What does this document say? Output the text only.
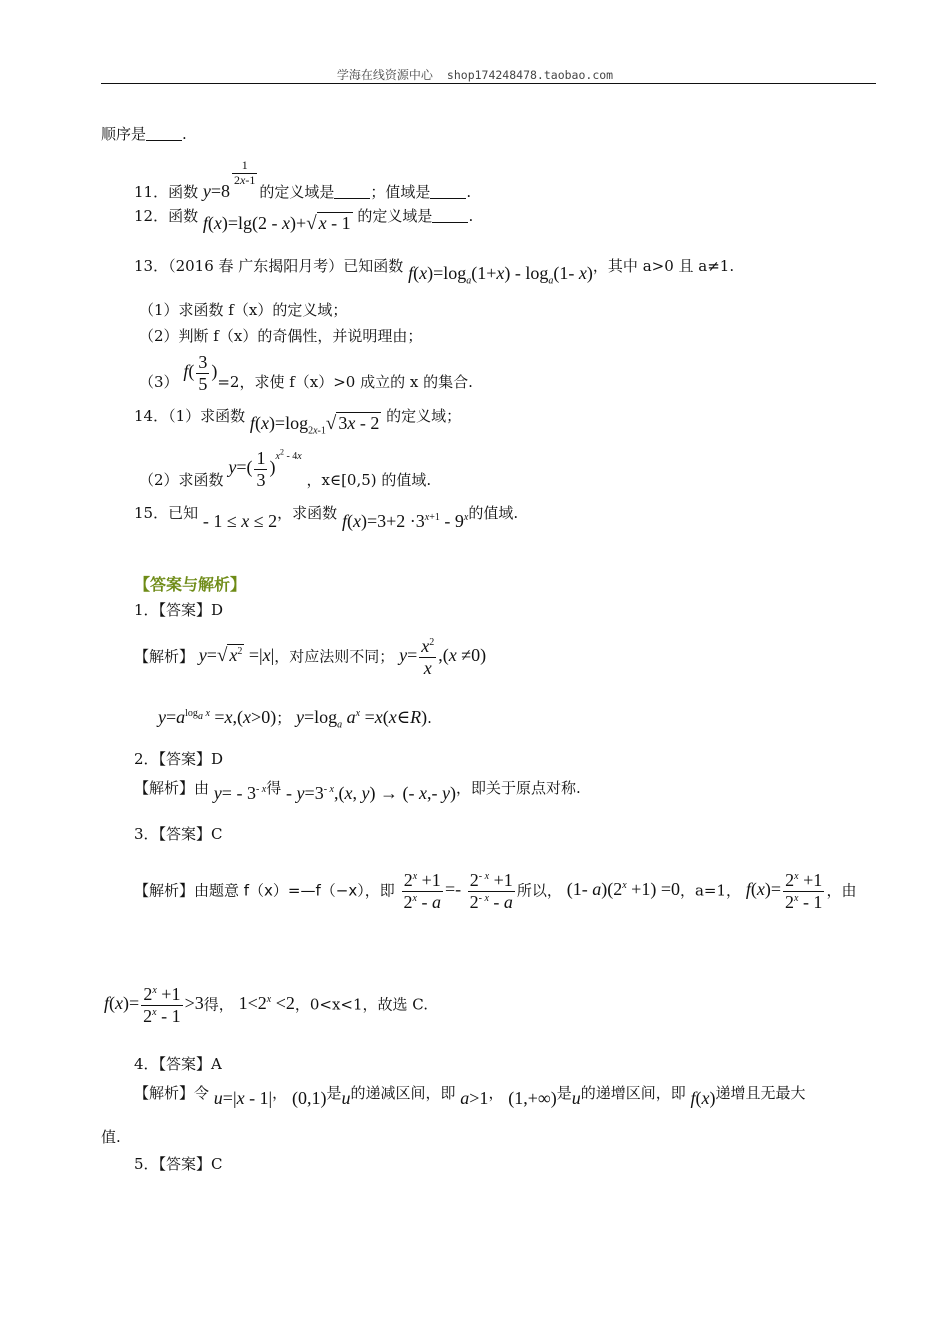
学海在线资源中心 shop174248478.taobao.com
顺序是 .
11．函数 y=8
$^{\frac{1}{2x-1}}$
的定义域是 ；值域是 .
12．函数 f(x)=lg(2 - x)+√ x - 1 的定义域是 .
13．（2016 春 广东揭阳月考）已知函数 $f(x)=\log_a(1+x) - \log_a(1-$ x)，其中 a>0 且 a≠1.
（1）求函数 f（x）的定义域；
（2）判断 f（x）的奇偶性，并说明理由；
（3） $f( \frac{3}{5} )=2$，求使 f（x）>0 成立的 x 的集合.
14．（1）求函数 $f(x)=\log_{2x-1}√$ 3x - 2 的定义域；
（2）求函数 $y=( \frac{1}{3} )^{x^2 - 4x}$ ，x∈[0,5) 的值域.
15．已知 - 1 ≤ x ≤ 2，求函数 $f(x)=3+2 \cdot 3^{x+1} - 9^x$的值域.
【答案与解析】
1．【答案】D
【解析】 y=√ $x^2 =|x|$，对应法则不同； $y= \frac{x^2}{x} ,(x \ne 0)$
$y=a^{log_a x} =x,(x>0)$； $y=\log_a$ $a^x$ =x(x∈R).
2．【答案】D
【解析】由 $y= - 3^{- x}$得 - $y=3^{- x},(x$, y) → (- x,- y)，即关于原点对称.
3．【答案】C
【解析】由题意 f（x）=—f（−x），即 $\frac{2^x +1}{2^x - a} =- \frac{2^{- x} +1}{2^{- x} - a}$ 所以， (1- $a)(2^x +1) =0$，a=1， $f(x)= \frac{2^x +1}{2^x - 1}$ ，由
$f(x)= \frac{2^x +1}{2^x - 1} >3$得， $1<2^x <2$，0<x<1，故选 C.
4．【答案】A
【解析】令 u=|x - 1|， (0,1)是u的递减区间，即 a>1， (1,+∞)是u的递增区间，即 f(x)递增且无最大
值.
5．【答案】C
